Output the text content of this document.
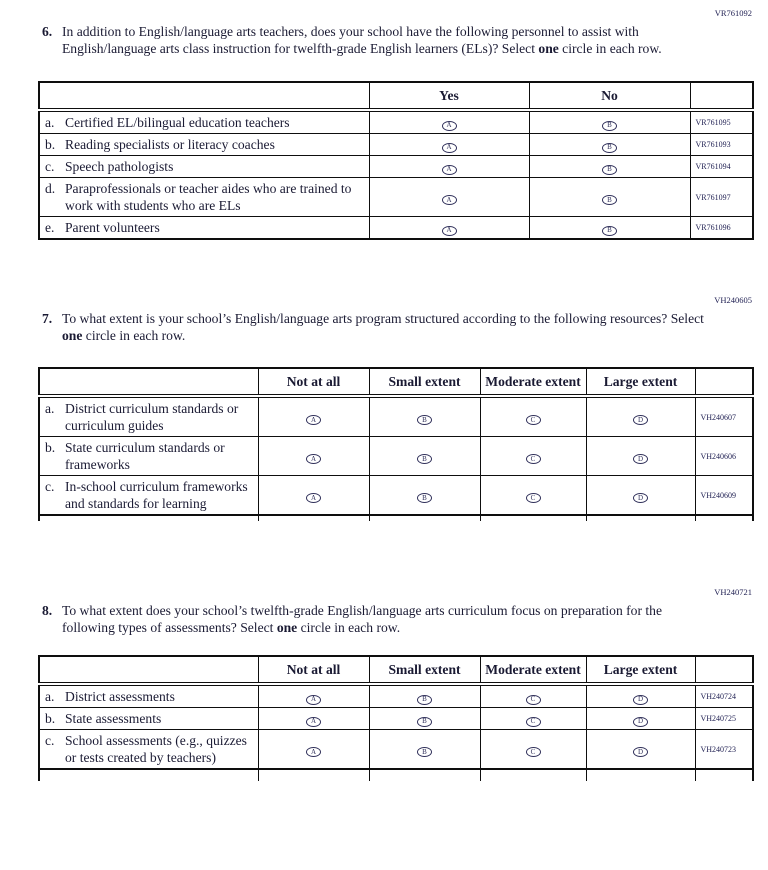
VR761092
6. In addition to English/language arts teachers, does your school have the following personnel to assist with English/language arts class instruction for twelfth-grade English learners (ELs)? Select one circle in each row.
	Yes	No	

a. Certified EL/bilingual education teachers	A	B	VR761095

b. Reading specialists or literacy coaches	A	B	VR761093

c. Speech pathologists	A	B	VR761094

d. Paraprofessionals or teacher aides who are trained to work with students who are ELs	A	B	VR761097

e. Parent volunteers	A	B	VR761096
VH240605
7. To what extent is your school’s English/language arts program structured according to the following resources? Select one circle in each row.
	Not at all	Small extent	Moderate extent	Large extent	

a. District curriculum standards or curriculum guides	A	B	C	D	VH240607

b. State curriculum standards or frameworks	A	B	C	D	VH240606

c. In-school curriculum frameworks and standards for learning	A	B	C	D	VH240609

VH240721
8. To what extent does your school’s twelfth-grade English/language arts curriculum focus on preparation for the following types of assessments? Select one circle in each row.
	Not at all	Small extent	Moderate extent	Large extent	

a. District assessments	A	B	C	D	VH240724

b. State assessments	A	B	C	D	VH240725

c. School assessments (e.g., quizzes or tests created by teachers)	A	B	C	D	VH240723
